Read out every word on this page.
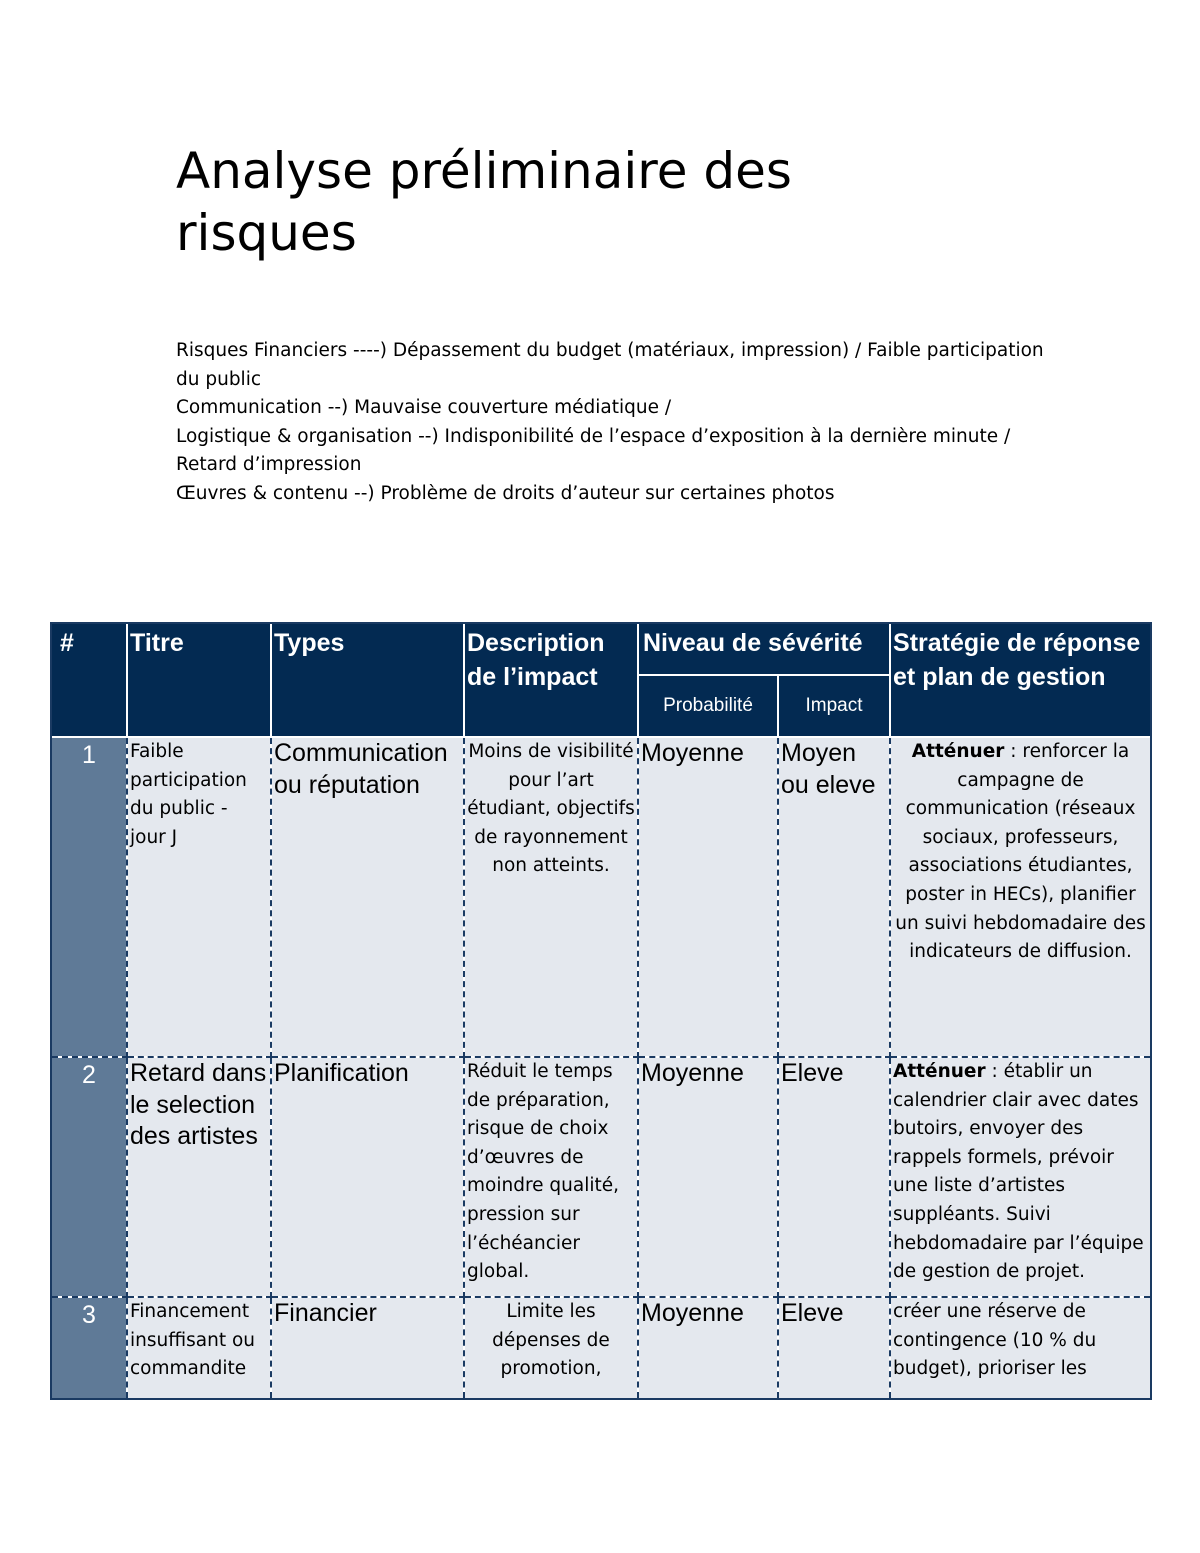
Analyse préliminaire des risques
Risques Financiers ----) Dépassement du budget (matériaux, impression) / Faible participation du public
Communication --) Mauvaise couverture médiatique /
Logistique & organisation --) Indisponibilité de l’espace d’exposition à la dernière minute / Retard d’impression
Œuvres & contenu --) Problème de droits d’auteur sur certaines photos
#	Titre	Types	Description de l’impact	Niveau de sévérité		Stratégie de réponse et plan de gestion
				Probabilité	Impact	
1	Faible participation du public - jour J	Communication ou réputation	Moins de visibilité pour l’art étudiant, objectifs de rayonnement non atteints.	Moyenne	Moyen ou eleve	Atténuer : renforcer la campagne de communication (réseaux sociaux, professeurs, associations étudiantes, poster in HECs), planifier un suivi hebdomadaire des indicateurs de diffusion.
2	Retard dans le selection des artistes	Planification	Réduit le temps de préparation, risque de choix d’œuvres de moindre qualité, pression sur l’échéancier global.	Moyenne	Eleve	Atténuer : établir un calendrier clair avec dates butoirs, envoyer des rappels formels, prévoir une liste d’artistes suppléants. Suivi hebdomadaire par l’équipe de gestion de projet.
3	Financement insuffisant ou commandite	Financier	Limite les dépenses de promotion,	Moyenne	Eleve	créer une réserve de contingence (10 % du budget), prioriser les
